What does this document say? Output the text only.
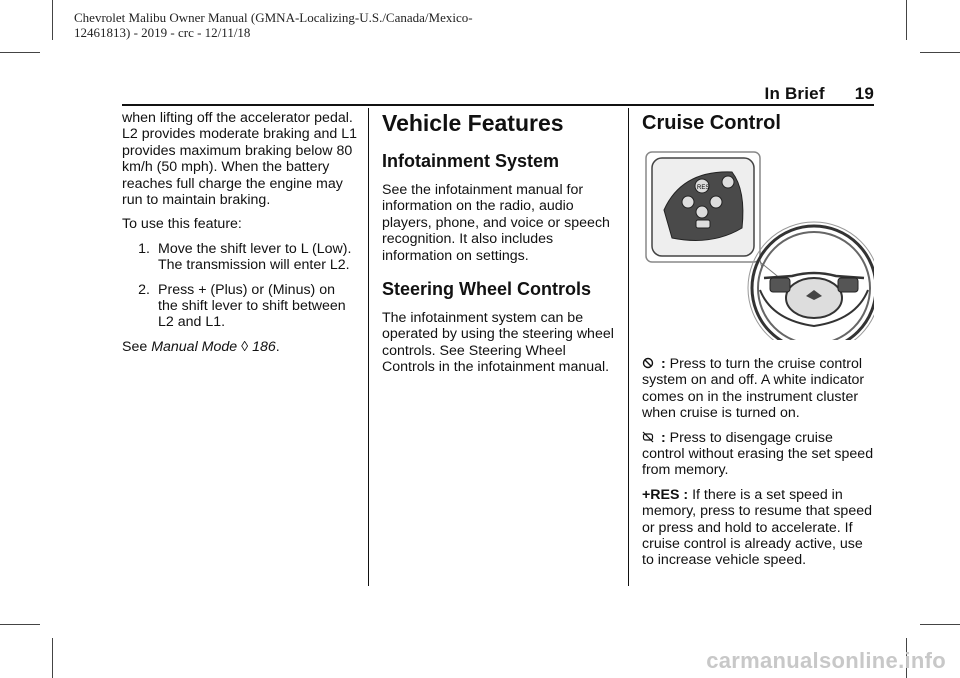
Chevrolet Malibu Owner Manual (GMNA-Localizing-U.S./Canada/Mexico-
12461813) - 2019 - crc - 12/11/18
In Brief 19

when lifting off the accelerator pedal. L2 provides moderate braking and L1 provides maximum braking below 80 km/h (50 mph). When the battery reaches full charge the engine may run to maintain braking.

To use this feature:

1. Move the shift lever to L (Low). The transmission will enter L2.
2. Press + (Plus) or (Minus) on the shift lever to shift between L2 and L1.

See Manual Mode ◊ 186.

Vehicle Features
Infotainment System

See the infotainment manual for information on the radio, audio players, phone, and voice or speech recognition. It also includes information on settings.

Steering Wheel Controls

The infotainment system can be operated by using the steering wheel controls. See Steering Wheel Controls in the infotainment manual.

Cruise Control
RES

: Press to turn the cruise control system on and off. A white indicator comes on in the instrument cluster when cruise is turned on.

: Press to disengage cruise control without erasing the set speed from memory.

+RES : If there is a set speed in memory, press to resume that speed or press and hold to accelerate. If cruise control is already active, use to increase vehicle speed.

carmanualsonline.info
